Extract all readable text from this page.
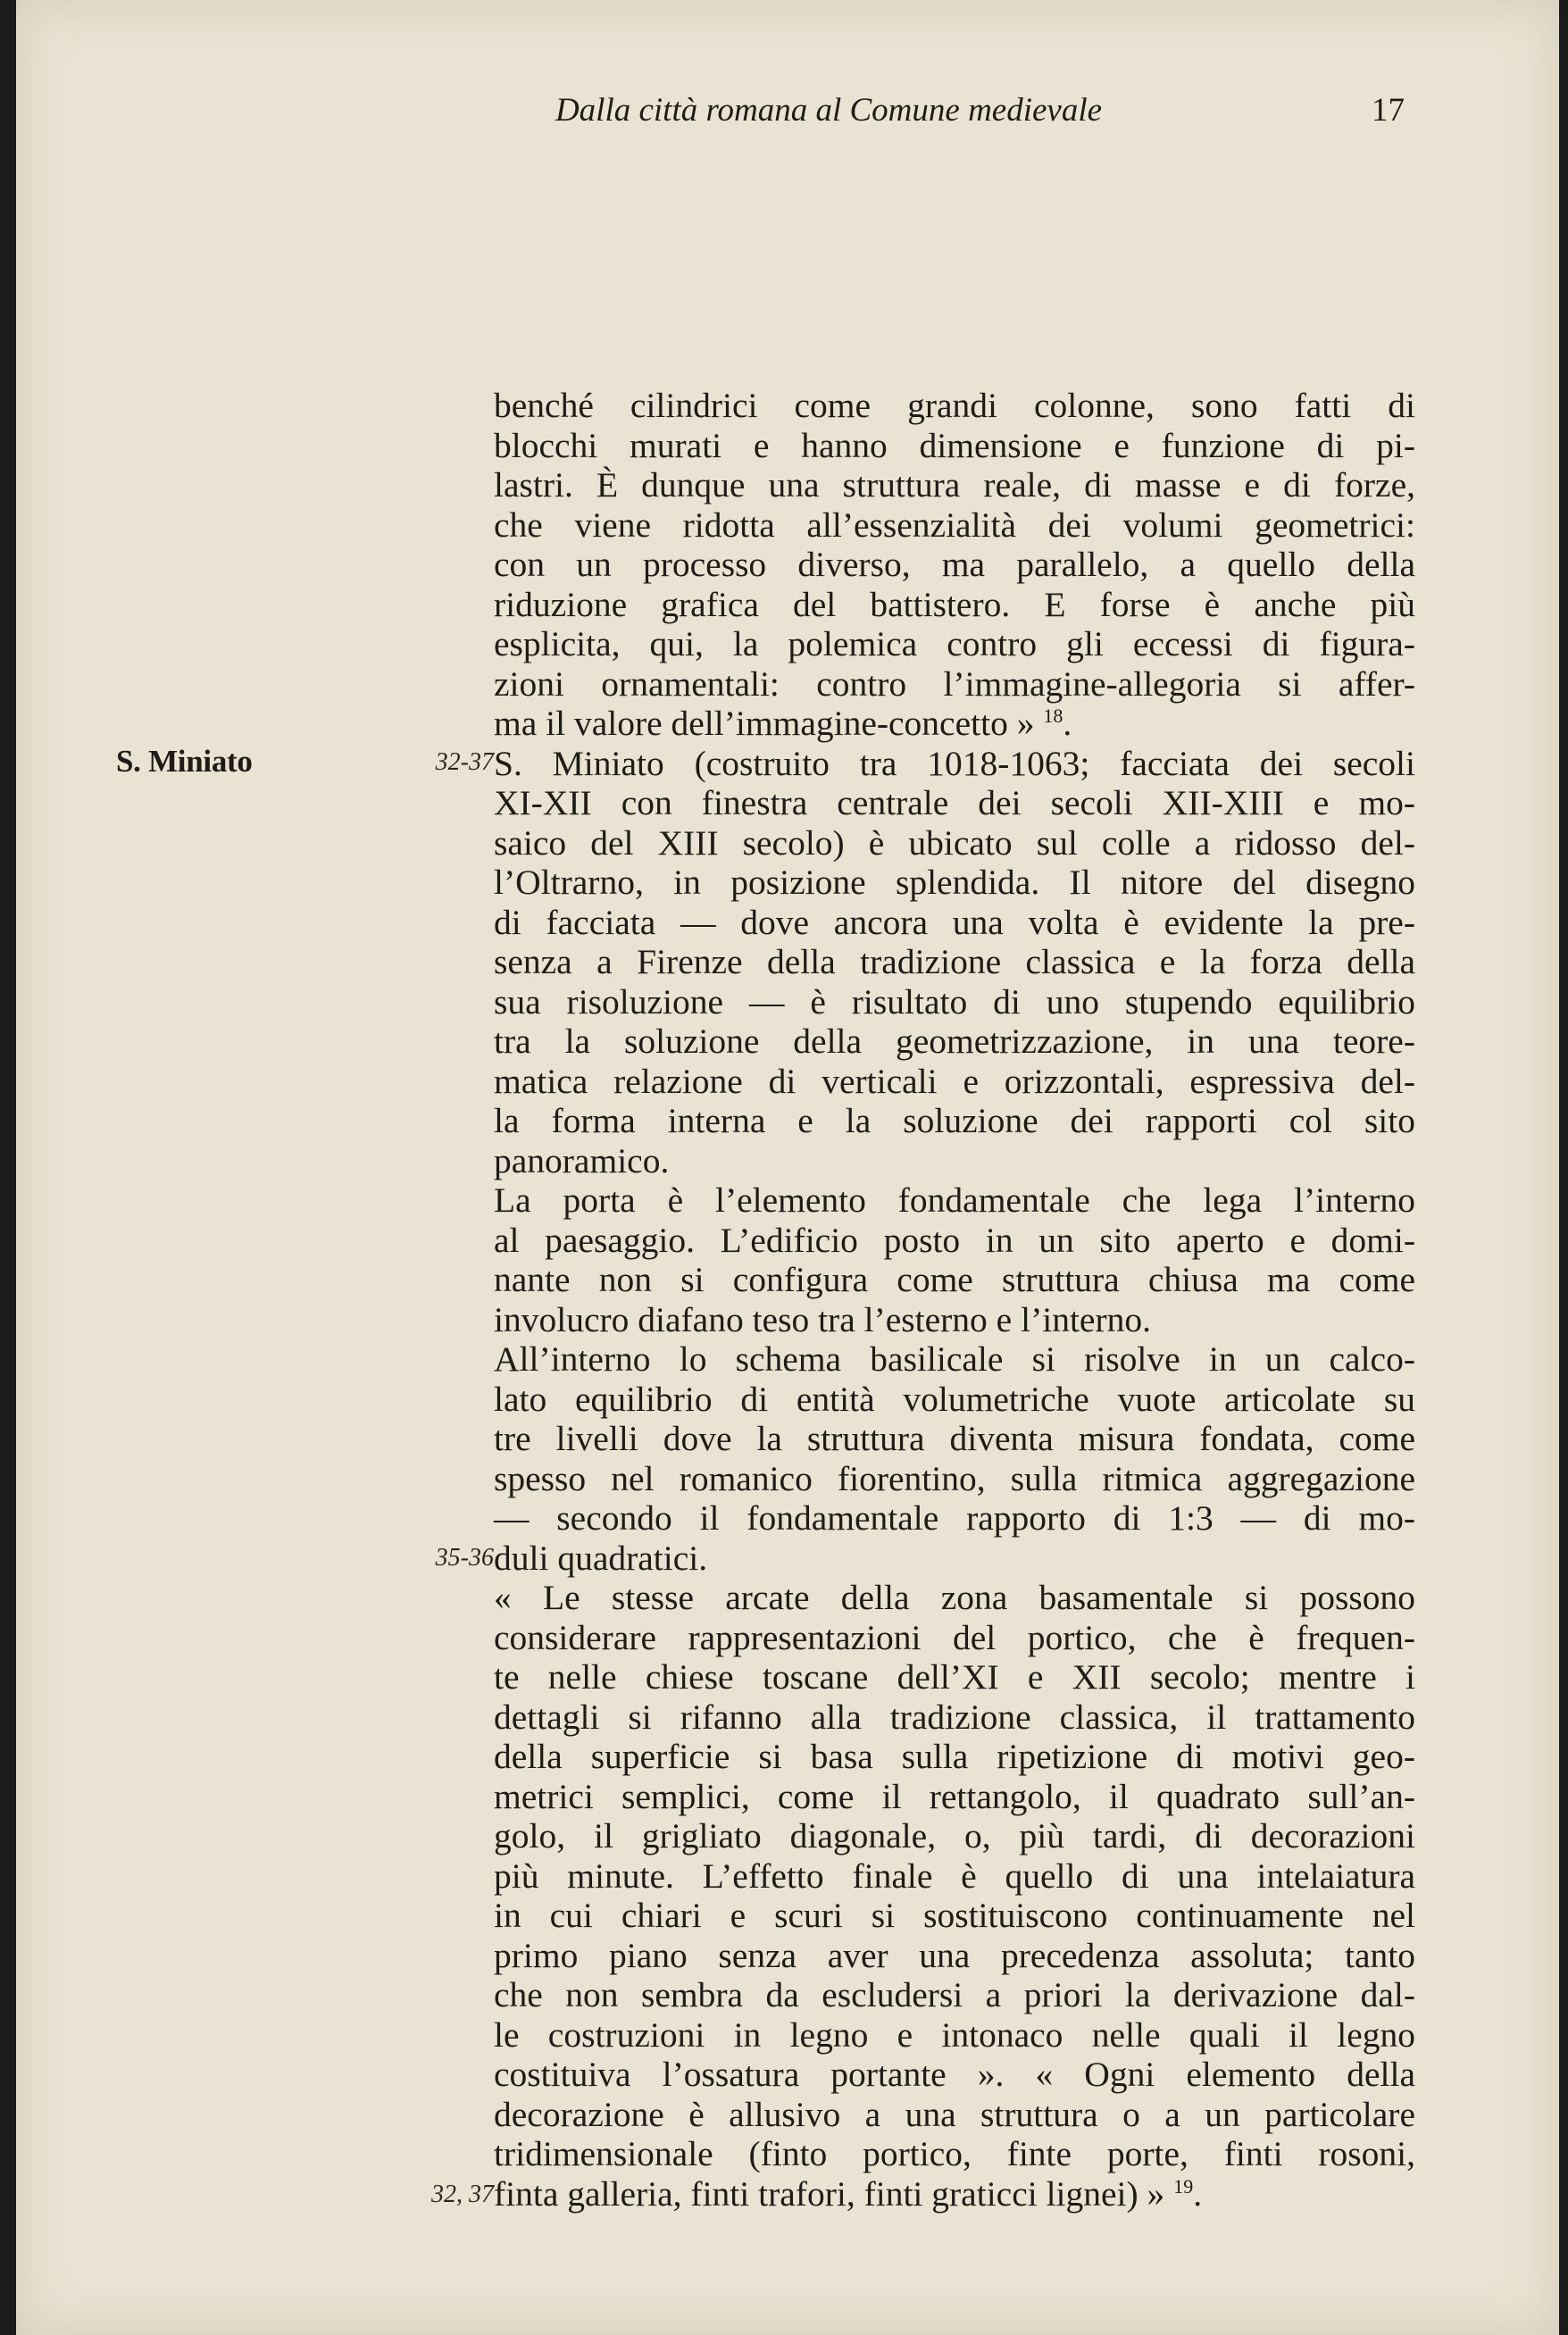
Dalla città romana al Comune medievale	17
S. Miniato	32-37
35-36
32, 37
benché cilindrici come grandi colonne, sono fatti di
blocchi murati e hanno dimensione e funzione di pi-
lastri. È dunque una struttura reale, di masse e di forze,
che viene ridotta all’essenzialità dei volumi geometrici:
con un processo diverso, ma parallelo, a quello della
riduzione grafica del battistero. E forse è anche più
esplicita, qui, la polemica contro gli eccessi di figura-
zioni ornamentali: contro l’immagine-allegoria si affer-
ma il valore dell’immagine-concetto » $^{18}$.
S. Miniato (costruito tra 1018-1063; facciata dei secoli
XI-XII con finestra centrale dei secoli XII-XIII e mo-
saico del XIII secolo) è ubicato sul colle a ridosso del-
l’Oltrarno, in posizione splendida. Il nitore del disegno
di facciata — dove ancora una volta è evidente la pre-
senza a Firenze della tradizione classica e la forza della
sua risoluzione — è risultato di uno stupendo equilibrio
tra la soluzione della geometrizzazione, in una teore-
matica relazione di verticali e orizzontali, espressiva del-
la forma interna e la soluzione dei rapporti col sito
panoramico.
La porta è l’elemento fondamentale che lega l’interno
al paesaggio. L’edificio posto in un sito aperto e domi-
nante non si configura come struttura chiusa ma come
involucro diafano teso tra l’esterno e l’interno.
All’interno lo schema basilicale si risolve in un calco-
lato equilibrio di entità volumetriche vuote articolate su
tre livelli dove la struttura diventa misura fondata, come
spesso nel romanico fiorentino, sulla ritmica aggregazione
— secondo il fondamentale rapporto di 1:3 — di mo-
duli quadratici.
« Le stesse arcate della zona basamentale si possono
considerare rappresentazioni del portico, che è frequen-
te nelle chiese toscane dell’XI e XII secolo; mentre i
dettagli si rifanno alla tradizione classica, il trattamento
della superficie si basa sulla ripetizione di motivi geo-
metrici semplici, come il rettangolo, il quadrato sull’an-
golo, il grigliato diagonale, o, più tardi, di decorazioni
più minute. L’effetto finale è quello di una intelaiatura
in cui chiari e scuri si sostituiscono continuamente nel
primo piano senza aver una precedenza assoluta; tanto
che non sembra da escludersi a priori la derivazione dal-
le costruzioni in legno e intonaco nelle quali il legno
costituiva l’ossatura portante ». « Ogni elemento della
decorazione è allusivo a una struttura o a un particolare
tridimensionale (finto portico, finte porte, finti rosoni,
finta galleria, finti trafori, finti graticci lignei) » $^{19}$.
